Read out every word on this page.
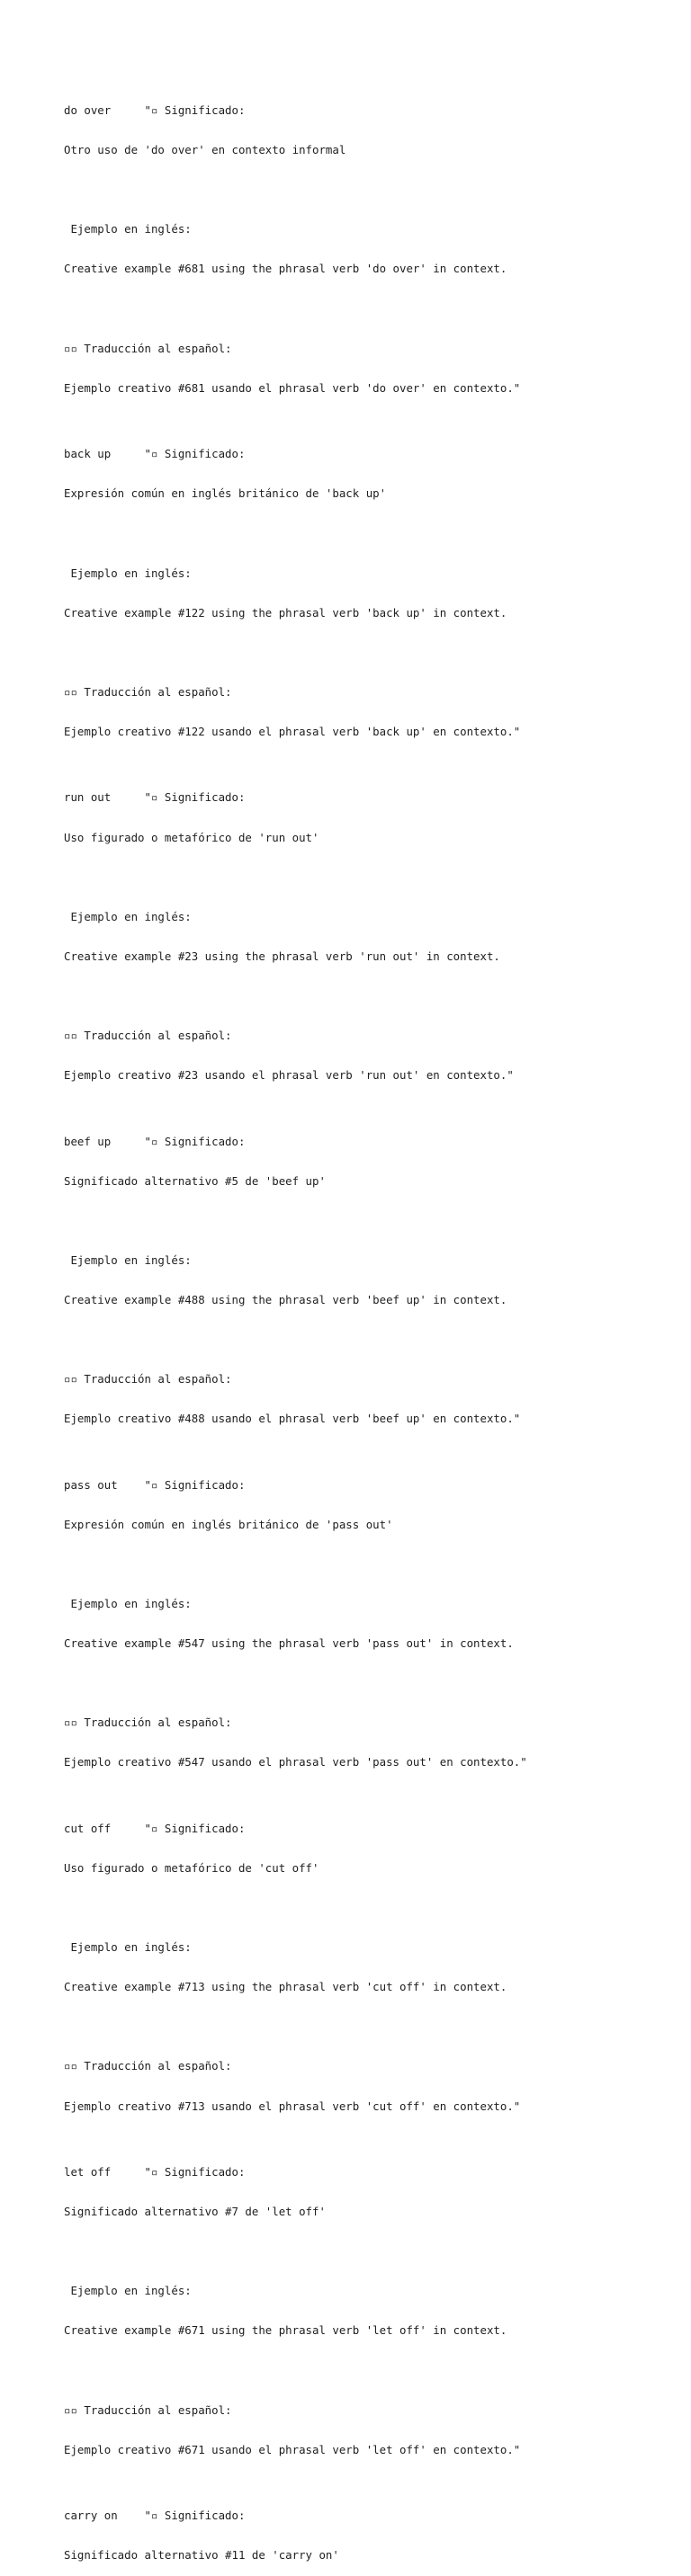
do over     "▫ Significado:

Otro uso de 'do over' en contexto informal

Ejemplo en inglés:

Creative example #681 using the phrasal verb 'do over' in context.

▫▫ Traducción al español:

Ejemplo creativo #681 usando el phrasal verb 'do over' en contexto."

back up     "▫ Significado:

Expresión común en inglés británico de 'back up'

Ejemplo en inglés:

Creative example #122 using the phrasal verb 'back up' in context.

▫▫ Traducción al español:

Ejemplo creativo #122 usando el phrasal verb 'back up' en contexto."

run out     "▫ Significado:

Uso figurado o metafórico de 'run out'

Ejemplo en inglés:

Creative example #23 using the phrasal verb 'run out' in context.

▫▫ Traducción al español:

Ejemplo creativo #23 usando el phrasal verb 'run out' en contexto."

beef up     "▫ Significado:

Significado alternativo #5 de 'beef up'

Ejemplo en inglés:

Creative example #488 using the phrasal verb 'beef up' in context.

▫▫ Traducción al español:

Ejemplo creativo #488 usando el phrasal verb 'beef up' en contexto."

pass out    "▫ Significado:

Expresión común en inglés británico de 'pass out'

Ejemplo en inglés:

Creative example #547 using the phrasal verb 'pass out' in context.

▫▫ Traducción al español:

Ejemplo creativo #547 usando el phrasal verb 'pass out' en contexto."

cut off     "▫ Significado:

Uso figurado o metafórico de 'cut off'

Ejemplo en inglés:

Creative example #713 using the phrasal verb 'cut off' in context.

▫▫ Traducción al español:

Ejemplo creativo #713 usando el phrasal verb 'cut off' en contexto."

let off     "▫ Significado:

Significado alternativo #7 de 'let off'

Ejemplo en inglés:

Creative example #671 using the phrasal verb 'let off' in context.

▫▫ Traducción al español:

Ejemplo creativo #671 usando el phrasal verb 'let off' en contexto."

carry on    "▫ Significado:

Significado alternativo #11 de 'carry on'
